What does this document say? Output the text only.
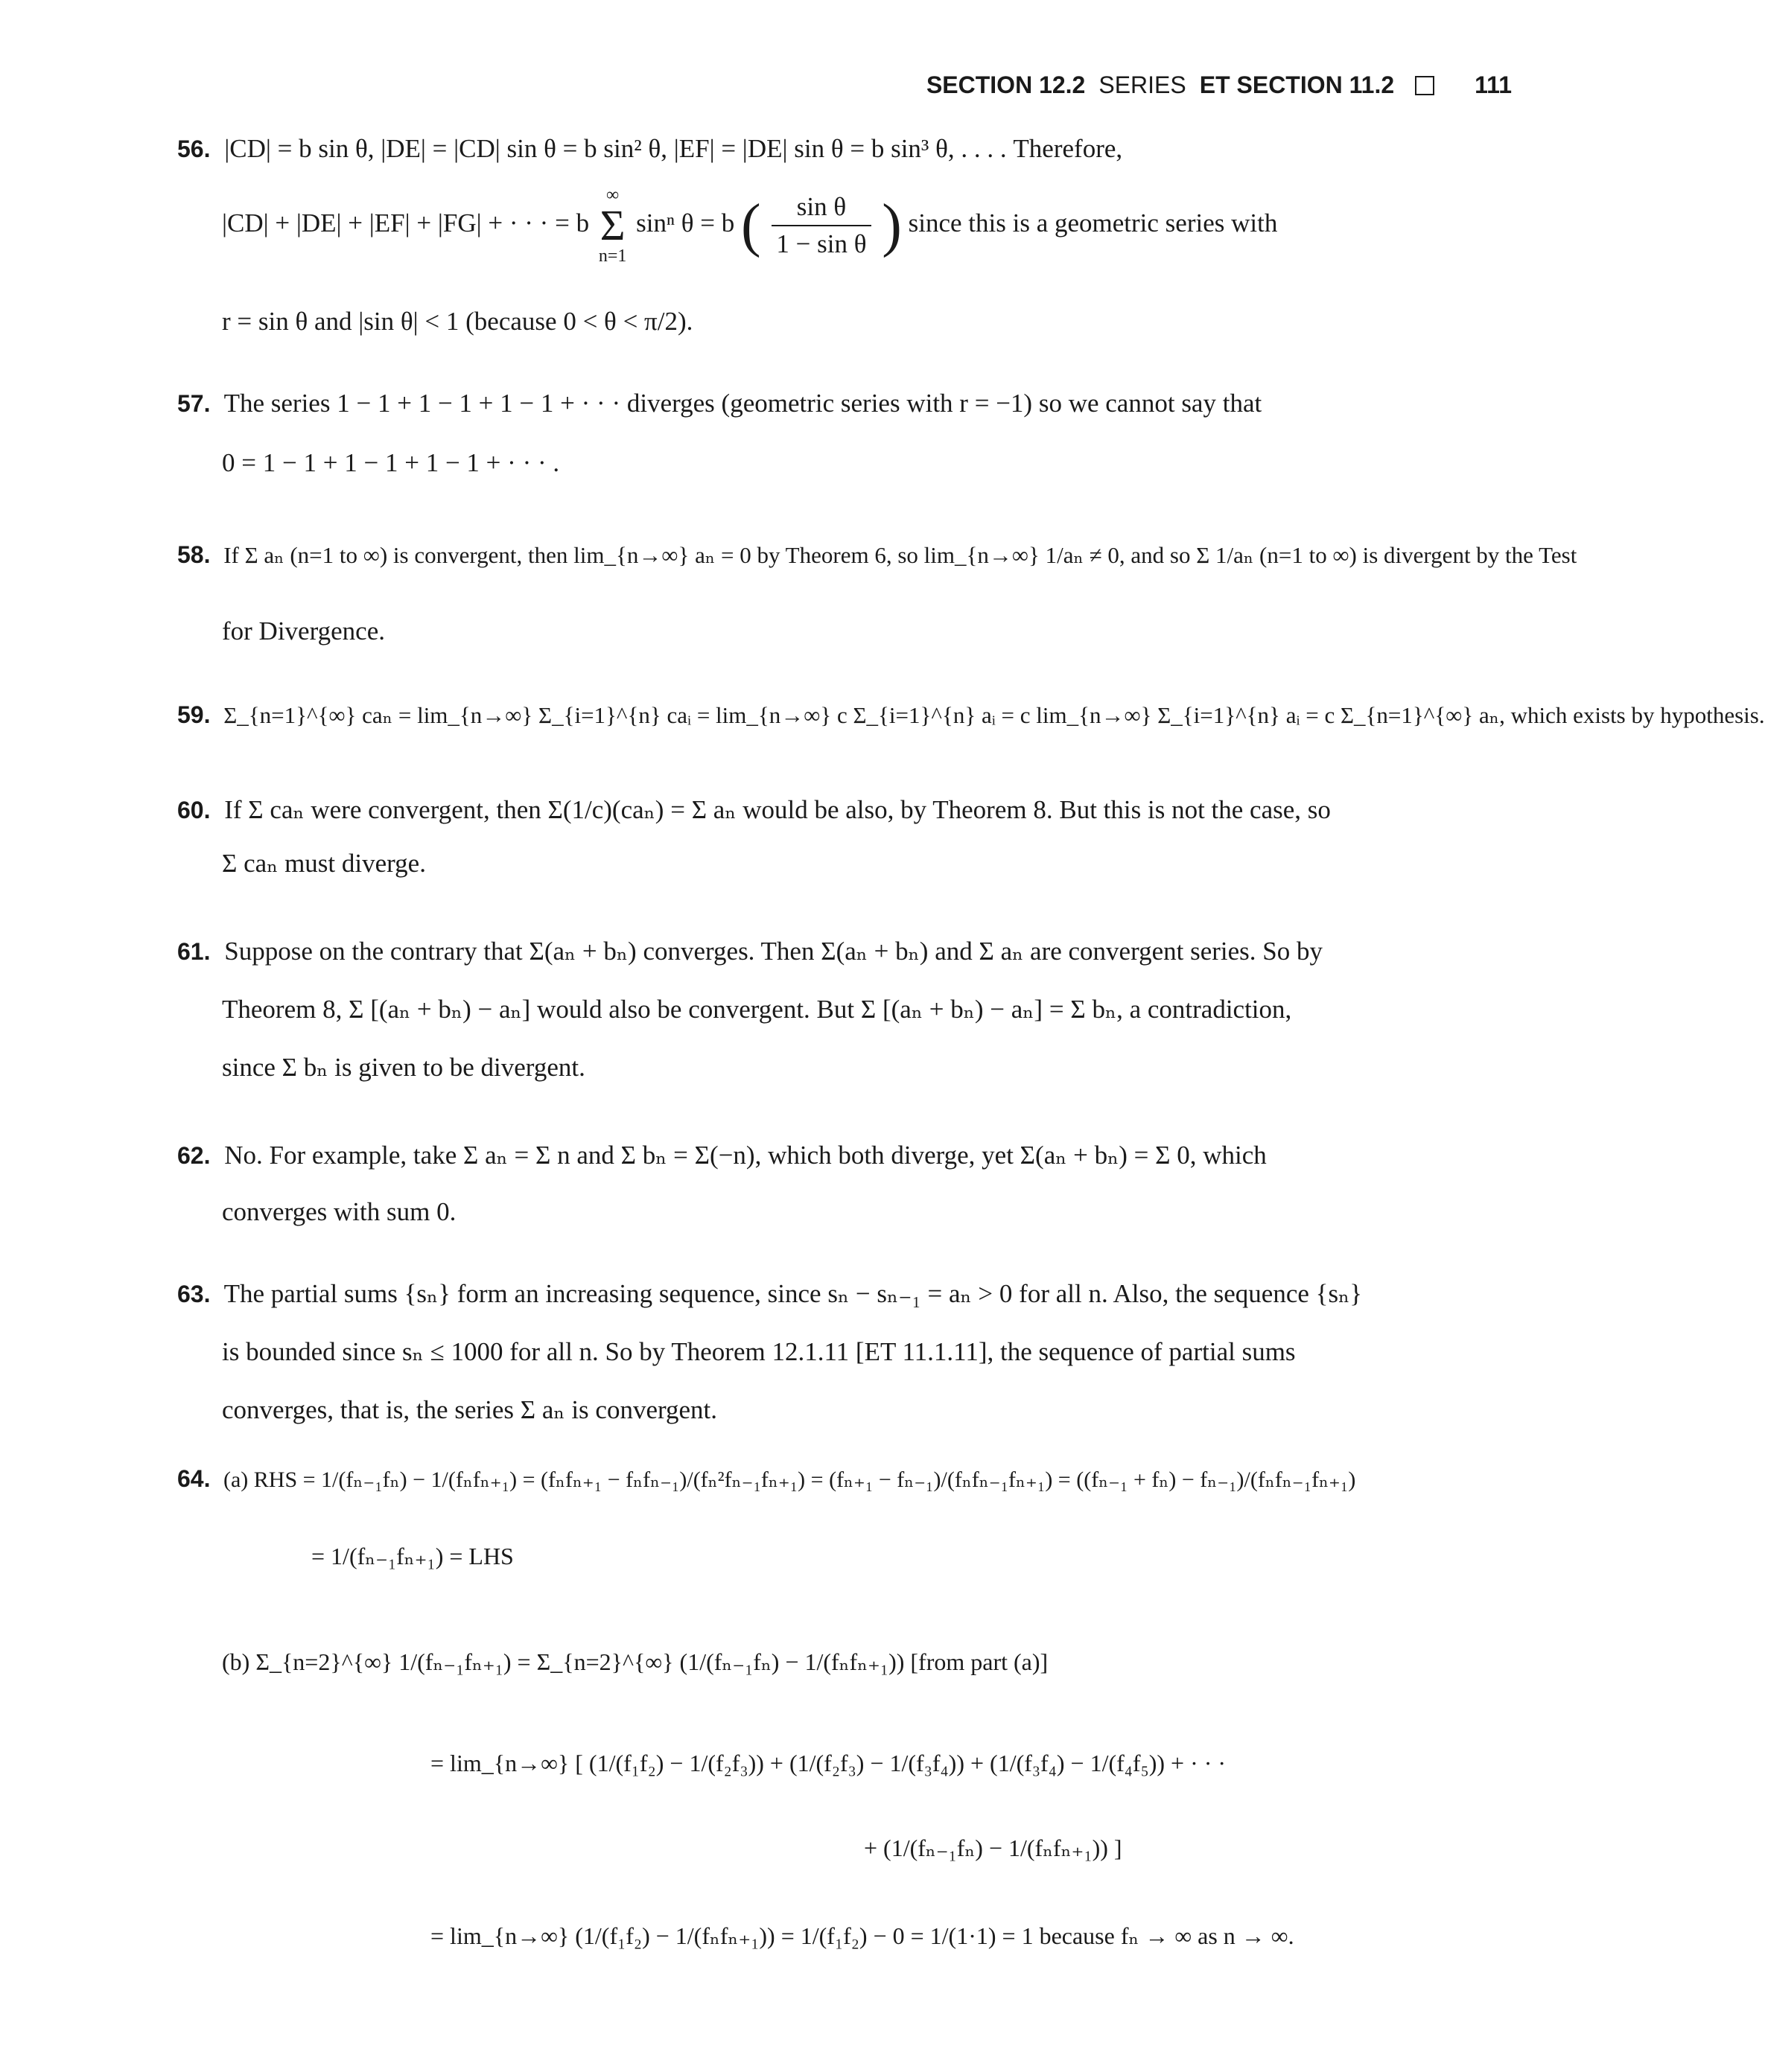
SECTION 12.2 SERIES ET SECTION 11.2	111
56. |CD| = b sin θ, |DE| = |CD| sin θ = b sin² θ, |EF| = |DE| sin θ = b sin³ θ, . . . . Therefore,
|CD| + |DE| + |EF| + |FG| + · · · = b
∞
Σ
n=1
sinⁿ θ = b ( $\frac{\text{sin θ}}{\text{1 − sin θ}}$ ) since this is a geometric series with
r = sin θ and |sin θ| < 1 (because 0 < θ < π/2).
57. The series 1 − 1 + 1 − 1 + 1 − 1 + · · · diverges (geometric series with r = −1) so we cannot say that
0 = 1 − 1 + 1 − 1 + 1 − 1 + · · · .
58. If Σ aₙ (n=1 to ∞) is convergent, then lim_{n→∞} aₙ = 0 by Theorem 6, so lim_{n→∞} 1/aₙ ≠ 0, and so Σ 1/aₙ (n=1 to ∞) is divergent by the Test
for Divergence.
59. Σ_{n=1}^{∞} caₙ = lim_{n→∞} Σ_{i=1}^{n} caᵢ = lim_{n→∞} c Σ_{i=1}^{n} aᵢ = c lim_{n→∞} Σ_{i=1}^{n} aᵢ = c Σ_{n=1}^{∞} aₙ, which exists by hypothesis.
60. If Σ caₙ were convergent, then Σ(1/c)(caₙ) = Σ aₙ would be also, by Theorem 8. But this is not the case, so
Σ caₙ must diverge.
61. Suppose on the contrary that Σ(aₙ + bₙ) converges. Then Σ(aₙ + bₙ) and Σ aₙ are convergent series. So by
Theorem 8, Σ [(aₙ + bₙ) − aₙ] would also be convergent. But Σ [(aₙ + bₙ) − aₙ] = Σ bₙ, a contradiction,
since Σ bₙ is given to be divergent.
62. No. For example, take Σ aₙ = Σ n and Σ bₙ = Σ(−n), which both diverge, yet Σ(aₙ + bₙ) = Σ 0, which
converges with sum 0.
63. The partial sums {sₙ} form an increasing sequence, since sₙ − sₙ₋₁ = aₙ > 0 for all n. Also, the sequence {sₙ}
is bounded since sₙ ≤ 1000 for all n. So by Theorem 12.1.11 [ET 11.1.11], the sequence of partial sums
converges, that is, the series Σ aₙ is convergent.
64. (a) RHS = 1/(fₙ₋₁fₙ) − 1/(fₙfₙ₊₁) = (fₙfₙ₊₁ − fₙfₙ₋₁)/(fₙ²fₙ₋₁fₙ₊₁) = (fₙ₊₁ − fₙ₋₁)/(fₙfₙ₋₁fₙ₊₁) = ((fₙ₋₁ + fₙ) − fₙ₋₁)/(fₙfₙ₋₁fₙ₊₁)
= 1/(fₙ₋₁fₙ₊₁) = LHS
(b) Σ_{n=2}^{∞} 1/(fₙ₋₁fₙ₊₁) = Σ_{n=2}^{∞} (1/(fₙ₋₁fₙ) − 1/(fₙfₙ₊₁)) [from part (a)]
= lim_{n→∞} [ (1/(f₁f₂) − 1/(f₂f₃)) + (1/(f₂f₃) − 1/(f₃f₄)) + (1/(f₃f₄) − 1/(f₄f₅)) + · · ·
+ (1/(fₙ₋₁fₙ) − 1/(fₙfₙ₊₁)) ]
= lim_{n→∞} (1/(f₁f₂) − 1/(fₙfₙ₊₁)) = 1/(f₁f₂) − 0 = 1/(1·1) = 1 because fₙ → ∞ as n → ∞.
